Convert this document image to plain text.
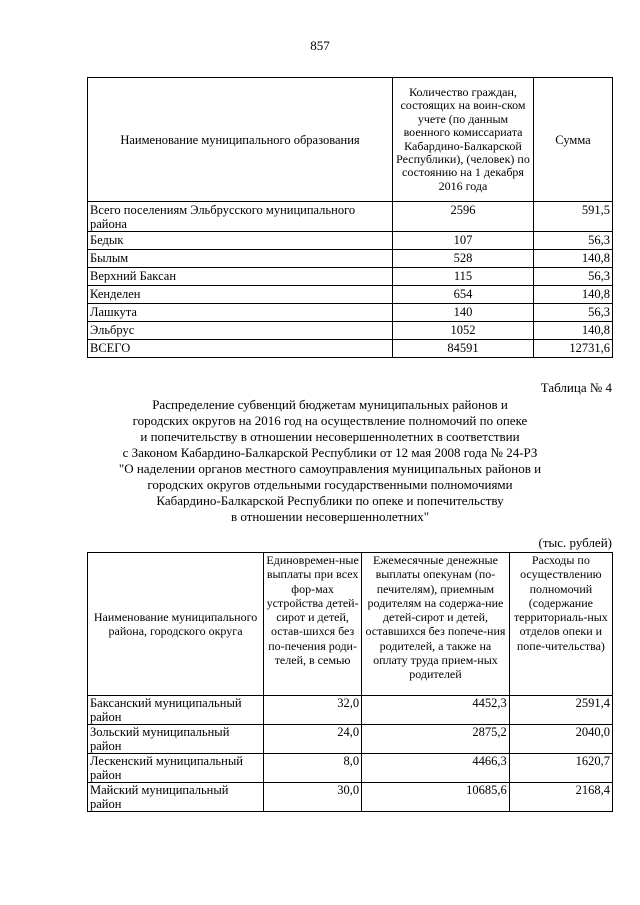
857
Наименование муниципального образования	Количество граждан, состоящих на воин-ском учете (по данным военного комиссариата Кабардино-Балкарской Республики), (человек) по состоянию на 1 декабря 2016 года	Сумма
Всего поселениям Эльбрусского муниципального района	2596	591,5
Бедык	107	56,3
Былым	528	140,8
Верхний Баксан	115	56,3
Кенделен	654	140,8
Лашкута	140	56,3
Эльбрус	1052	140,8
ВСЕГО	84591	12731,6
Таблица № 4
Распределение субвенций бюджетам муниципальных районов и
городских округов на 2016 год на осуществление полномочий по опеке
и попечительству в отношении несовершеннолетних в соответствии
с Законом Кабардино-Балкарской Республики от 12 мая 2008 года № 24-РЗ
"О наделении органов местного самоуправления муниципальных районов и
городских округов отдельными государственными полномочиями
Кабардино-Балкарской Республики по опеке и попечительству
в отношении несовершеннолетних"
(тыс. рублей)
Наименование муниципального района, городского округа	Единовремен-ные выплаты при всех фор-мах устройства детей-сирот и детей, остав-шихся без по-печения роди-телей, в семью	Ежемесячные денежные выплаты опекунам (по-печителям), приемным родителям на содержа-ние детей-сирот и детей, оставшихся без попече-ния родителей, а также на оплату труда прием-ных родителей	Расходы по осуществлению полномочий (содержание территориаль-ных отделов опеки и попе-чительства)
Баксанский муниципальный район	32,0	4452,3	2591,4
Зольский муниципальный район	24,0	2875,2	2040,0
Лескенский муниципальный район	8,0	4466,3	1620,7
Майский муниципальный район	30,0	10685,6	2168,4
